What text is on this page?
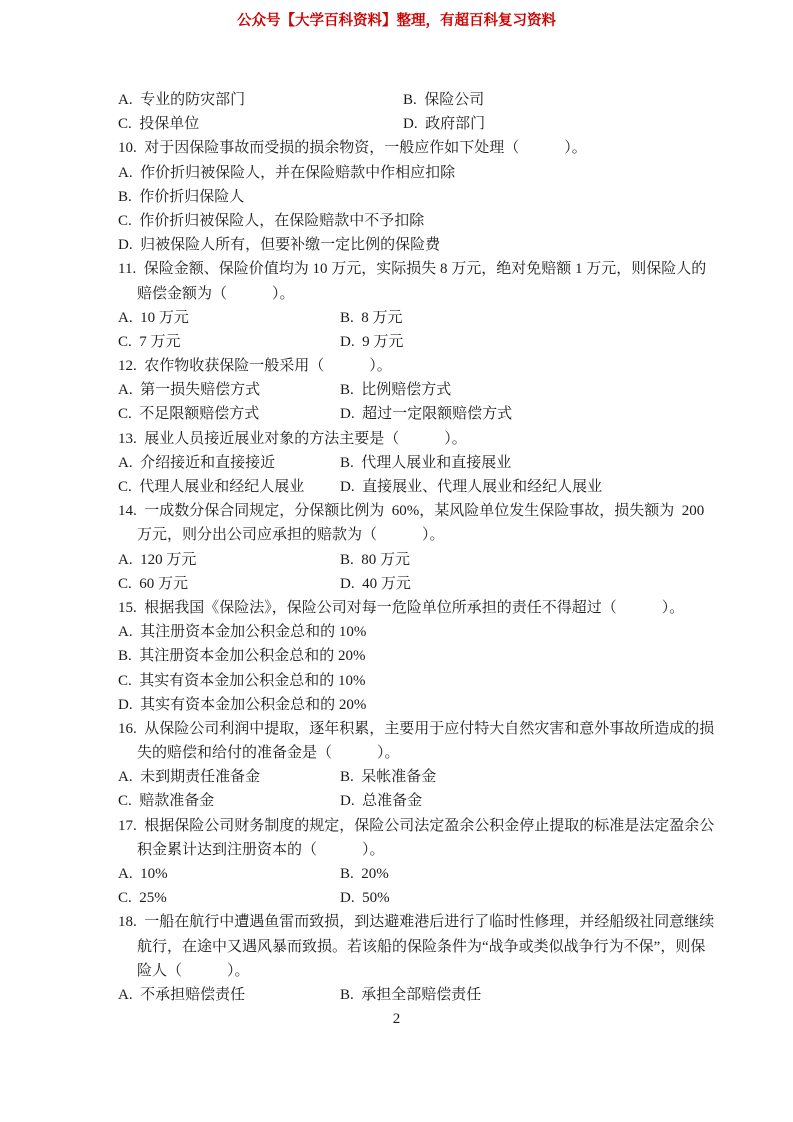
公众号【大学百科资料】整理，有超百科复习资料
A.  专业的防灾部门	B.  保险公司
C.  投保单位	D.  政府部门
10.  对于因保险事故而受损的损余物资，一般应作如下处理（　　　）。
A.  作价折归被保险人，并在保险赔款中作相应扣除
B.  作价折归保险人
C.  作价折归被保险人，在保险赔款中不予扣除
D.  归被保险人所有，但要补缴一定比例的保险费
11.  保险金额、保险价值均为 10 万元，实际损失 8 万元，绝对免赔额 1 万元，则保险人的
赔偿金额为（　　　）。
A.  10 万元	B.  8 万元
C.  7 万元	D.  9 万元
12.  农作物收获保险一般采用（　　　）。
A.  第一损失赔偿方式	B.  比例赔偿方式
C.  不足限额赔偿方式	D.  超过一定限额赔偿方式
13.  展业人员接近展业对象的方法主要是（　　　）。
A.  介绍接近和直接接近	B.  代理人展业和直接展业
C.  代理人展业和经纪人展业 D.  直接展业、代理人展业和经纪人展业
14.  一成数分保合同规定，分保额比例为  60%，某风险单位发生保险事故，损失额为  200
万元，则分出公司应承担的赔款为（　　　）。
A.  120 万元	B.  80 万元
C.  60 万元	D.  40 万元
15.  根据我国《保险法》，保险公司对每一危险单位所承担的责任不得超过（　　　）。
A.  其注册资本金加公积金总和的 10%
B.  其注册资本金加公积金总和的 20%
C.  其实有资本金加公积金总和的 10%
D.  其实有资本金加公积金总和的 20%
16.  从保险公司利润中提取，逐年积累，主要用于应付特大自然灾害和意外事故所造成的损
失的赔偿和给付的准备金是（　　　）。
A.  未到期责任准备金	B.  呆帐准备金
C.  赔款准备金	D.  总准备金
17.  根据保险公司财务制度的规定，保险公司法定盈余公积金停止提取的标准是法定盈余公
积金累计达到注册资本的（　　　）。
A.  10%	B.  20%
C.  25%	D.  50%
18.  一船在航行中遭遇鱼雷而致损，到达避难港后进行了临时性修理，并经船级社同意继续
航行，在途中又遇风暴而致损。若该船的保险条件为“战争或类似战争行为不保”，则保
险人（　　　）。
A.  不承担赔偿责任	B.  承担全部赔偿责任
2
